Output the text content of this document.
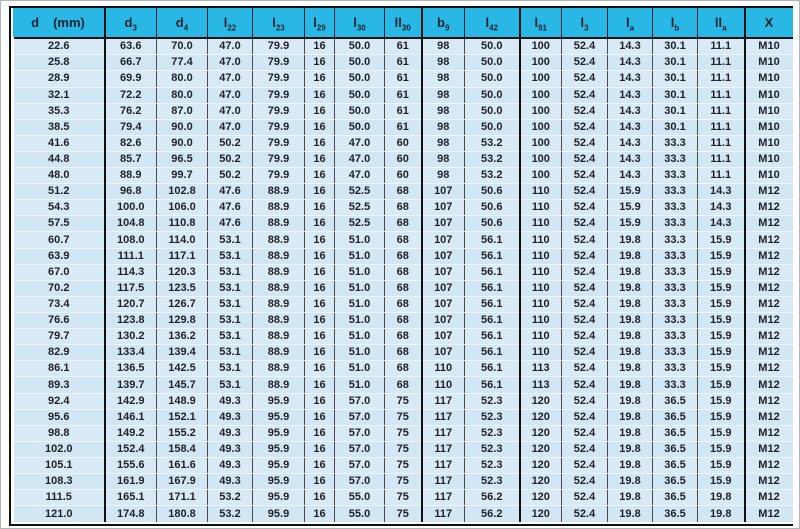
d (mm)	$d_3$	$d_4$	$l_{22}$	$l_{23}$	$l_{29}$	$l_{30}$	$ll_{30}$	$b_9$	$l_{42}$	$l_{91}$	$l_3$	$l_a$	$l_b$	$ll_a$	X
22.6	63.6	70.0	47.0	79.9	16	50.0	61	98	50.0	100	52.4	14.3	30.1	11.1	M10
25.8	66.7	77.4	47.0	79.9	16	50.0	61	98	50.0	100	52.4	14.3	30.1	11.1	M10
28.9	69.9	80.0	47.0	79.9	16	50.0	61	98	50.0	100	52.4	14.3	30.1	11.1	M10
32.1	72.2	80.0	47.0	79.9	16	50.0	61	98	50.0	100	52.4	14.3	30.1	11.1	M10
35.3	76.2	87.0	47.0	79.9	16	50.0	61	98	50.0	100	52.4	14.3	30.1	11.1	M10
38.5	79.4	90.0	47.0	79.9	16	50.0	61	98	50.0	100	52.4	14.3	30.1	11.1	M10
41.6	82.6	90.0	50.2	79.9	16	47.0	60	98	53.2	100	52.4	14.3	33.3	11.1	M10
44.8	85.7	96.5	50.2	79.9	16	47.0	60	98	53.2	100	52.4	14.3	33.3	11.1	M10
48.0	88.9	99.7	50.2	79.9	16	47.0	60	98	53.2	100	52.4	14.3	33.3	11.1	M10
51.2	96.8	102.8	47.6	88.9	16	52.5	68	107	50.6	110	52.4	15.9	33.3	14.3	M12
54.3	100.0	106.0	47.6	88.9	16	52.5	68	107	50.6	110	52.4	15.9	33.3	14.3	M12
57.5	104.8	110.8	47.6	88.9	16	52.5	68	107	50.6	110	52.4	15.9	33.3	14.3	M12
60.7	108.0	114.0	53.1	88.9	16	51.0	68	107	56.1	110	52.4	19.8	33.3	15.9	M12
63.9	111.1	117.1	53.1	88.9	16	51.0	68	107	56.1	110	52.4	19.8	33.3	15.9	M12
67.0	114.3	120.3	53.1	88.9	16	51.0	68	107	56.1	110	52.4	19.8	33.3	15.9	M12
70.2	117.5	123.5	53.1	88.9	16	51.0	68	107	56.1	110	52.4	19.8	33.3	15.9	M12
73.4	120.7	126.7	53.1	88.9	16	51.0	68	107	56.1	110	52.4	19.8	33.3	15.9	M12
76.6	123.8	129.8	53.1	88.9	16	51.0	68	107	56.1	110	52.4	19.8	33.3	15.9	M12
79.7	130.2	136.2	53.1	88.9	16	51.0	68	107	56.1	110	52.4	19.8	33.3	15.9	M12
82.9	133.4	139.4	53.1	88.9	16	51.0	68	107	56.1	110	52.4	19.8	33.3	15.9	M12
86.1	136.5	142.5	53.1	88.9	16	51.0	68	110	56.1	113	52.4	19.8	33.3	15.9	M12
89.3	139.7	145.7	53.1	88.9	16	51.0	68	110	56.1	113	52.4	19.8	33.3	15.9	M12
92.4	142.9	148.9	49.3	95.9	16	57.0	75	117	52.3	120	52.4	19.8	36.5	15.9	M12
95.6	146.1	152.1	49.3	95.9	16	57.0	75	117	52.3	120	52.4	19.8	36.5	15.9	M12
98.8	149.2	155.2	49.3	95.9	16	57.0	75	117	52.3	120	52.4	19.8	36.5	15.9	M12
102.0	152.4	158.4	49.3	95.9	16	57.0	75	117	52.3	120	52.4	19.8	36.5	15.9	M12
105.1	155.6	161.6	49.3	95.9	16	57.0	75	117	52.3	120	52.4	19.8	36.5	15.9	M12
108.3	161.9	167.9	49.3	95.9	16	57.0	75	117	52.3	120	52.4	19.8	36.5	15.9	M12
111.5	165.1	171.1	53.2	95.9	16	55.0	75	117	56.2	120	52.4	19.8	36.5	19.8	M12
121.0	174.8	180.8	53.2	95.9	16	55.0	75	117	56.2	120	52.4	19.8	36.5	19.8	M12
